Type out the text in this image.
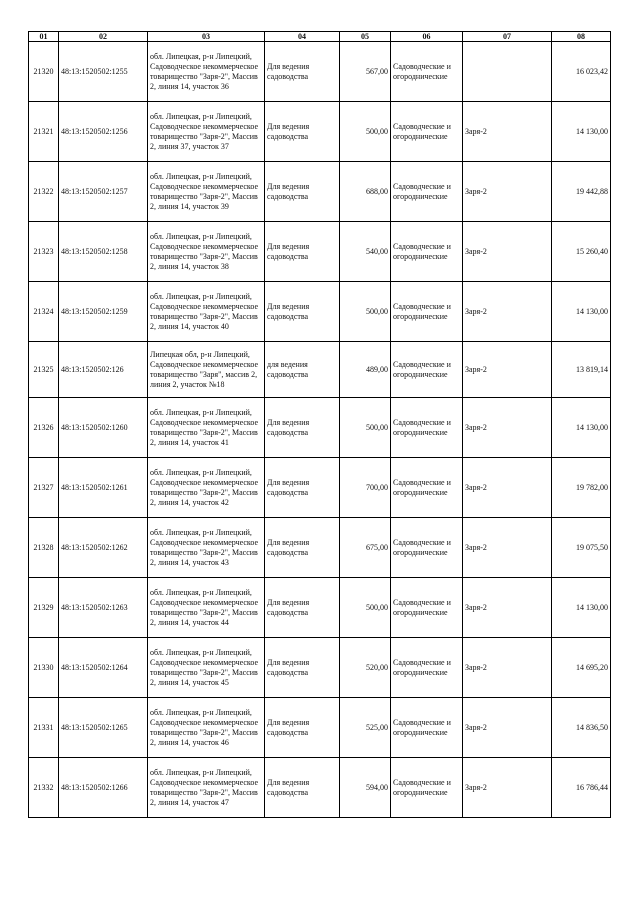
01	02	03	04	05	06	07	08
21320	48:13:1520502:1255	обл. Липецкая, р-н Липецкий, Садоводческое некоммерческое товарищество "Заря-2", Массив 2, линия 14, участок 36	Для ведения садоводства	567,00	Садоводческие и огороднические		16 023,42
21321	48:13:1520502:1256	обл. Липецкая, р-н Липецкий, Садоводческое некоммерческое товарищество "Заря-2", Массив 2, линия 37, участок 37	Для ведения садоводства	500,00	Садоводческие и огороднические	Заря-2	14 130,00
21322	48:13:1520502:1257	обл. Липецкая, р-н Липецкий, Садоводческое некоммерческое товарищество "Заря-2", Массив 2, линия 14, участок 39	Для ведения садоводства	688,00	Садоводческие и огороднические	Заря-2	19 442,88
21323	48:13:1520502:1258	обл. Липецкая, р-н Липецкий, Садоводческое некоммерческое товарищество "Заря-2", Массив 2, линия 14, участок 38	Для ведения садоводства	540,00	Садоводческие и огороднические	Заря-2	15 260,40
21324	48:13:1520502:1259	обл. Липецкая, р-н Липецкий, Садоводческое некоммерческое товарищество "Заря-2", Массив 2, линия 14, участок 40	Для ведения садоводства	500,00	Садоводческие и огороднические	Заря-2	14 130,00
21325	48:13:1520502:126	Липецкая обл, р-н Липецкий, Садоводческое некоммерческое товарищество "Заря", массив 2, линия 2, участок №18	для ведения садоводства	489,00	Садоводческие и огороднические	Заря-2	13 819,14
21326	48:13:1520502:1260	обл. Липецкая, р-н Липецкий, Садоводческое некоммерческое товарищество "Заря-2", Массив 2, линия 14, участок 41	Для ведения садоводства	500,00	Садоводческие и огороднические	Заря-2	14 130,00
21327	48:13:1520502:1261	обл. Липецкая, р-н Липецкий, Садоводческое некоммерческое товарищество "Заря-2", Массив 2, линия 14, участок 42	Для ведения садоводства	700,00	Садоводческие и огороднические	Заря-2	19 782,00
21328	48:13:1520502:1262	обл. Липецкая, р-н Липецкий, Садоводческое некоммерческое товарищество "Заря-2", Массив 2, линия 14, участок 43	Для ведения садоводства	675,00	Садоводческие и огороднические	Заря-2	19 075,50
21329	48:13:1520502:1263	обл. Липецкая, р-н Липецкий, Садоводческое некоммерческое товарищество "Заря-2", Массив 2, линия 14, участок 44	Для ведения садоводства	500,00	Садоводческие и огороднические	Заря-2	14 130,00
21330	48:13:1520502:1264	обл. Липецкая, р-н Липецкий, Садоводческое некоммерческое товарищество "Заря-2", Массив 2, линия 14, участок 45	Для ведения садоводства	520,00	Садоводческие и огороднические	Заря-2	14 695,20
21331	48:13:1520502:1265	обл. Липецкая, р-н Липецкий, Садоводческое некоммерческое товарищество "Заря-2", Массив 2, линия 14, участок 46	Для ведения садоводства	525,00	Садоводческие и огороднические	Заря-2	14 836,50
21332	48:13:1520502:1266	обл. Липецкая, р-н Липецкий, Садоводческое некоммерческое товарищество "Заря-2", Массив 2, линия 14, участок 47	Для ведения садоводства	594,00	Садоводческие и огороднические	Заря-2	16 786,44
